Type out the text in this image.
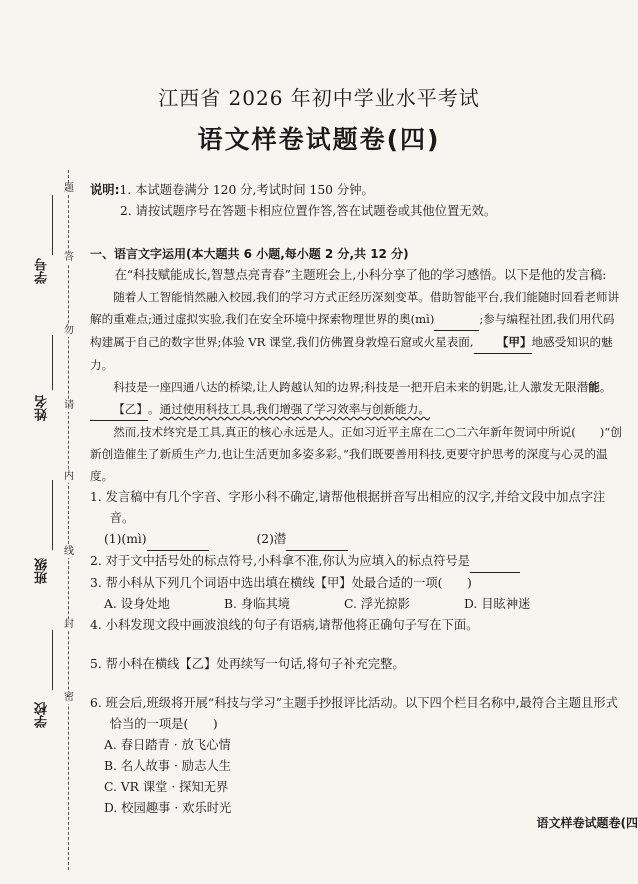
题
答
勿
请
内
线
封
密
学号
姓名
班级
学校
江西省 2026 年初中学业水平考试
语文样卷试题卷(四)

说明:1. 本试题卷满分 120 分,考试时间 150 分钟。

2. 请按试题序号在答题卡相应位置作答,答在试题卷或其他位置无效。

一、语言文字运用(本大题共 6 小题,每小题 2 分,共 12 分)

在“科技赋能成长,智慧点亮青春”主题班会上,小科分享了他的学习感悟。以下是他的发言稿:

随着人工智能悄然融入校园,我们的学习方式正经历深刻变革。借助智能平台,我们能随时回看老师讲解的重难点;通过虚拟实验,我们在安全环境中探索物理世界的奥(mì)	;参与编程社团,我们用代码构建属于自己的数字世界;体验 VR 课堂,我们仿佛置身敦煌石窟或火星表面, 【甲】地感受知识的魅力。

科技是一座四通八达的桥梁,让人跨越认知的边界;科技是一把开启未来的钥匙,让人激发无限潜能。【乙】。通过使用科技工具,我们增强了学习效率与创新能力。

然而,技术终究是工具,真正的核心永远是人。正如习近平主席在二○二六年新年贺词中所说( )“创新创造催生了新质生产力,也让生活更加多姿多彩。”我们既要善用科技,更要守护思考的深度与心灵的温度。

1. 发言稿中有几个字音、字形小科不确定,请帮他根据拼音写出相应的汉字,并给文段中加点字注音。

(1)(mì)	(2)潜

2. 对于文中括号处的标点符号,小科拿不准,你认为应填入的标点符号是

3. 帮小科从下列几个词语中选出填在横线【甲】处最合适的一项(　　)

A. 设身处地	B. 身临其境	C. 浮光掠影	D. 目眩神迷

4. 小科发现文段中画波浪线的句子有语病,请帮他将正确句子写在下面。

5. 帮小科在横线【乙】处再续写一句话,将句子补充完整。

6. 班会后,班级将开展“科技与学习”主题手抄报评比活动。以下四个栏目名称中,最符合主题且形式恰当的一项是(　　)

A. 春日踏青 · 放飞心情

B. 名人故事 · 励志人生

C. VR 课堂 · 探知无界

D. 校园趣事 · 欢乐时光

语文样卷试题卷(四
